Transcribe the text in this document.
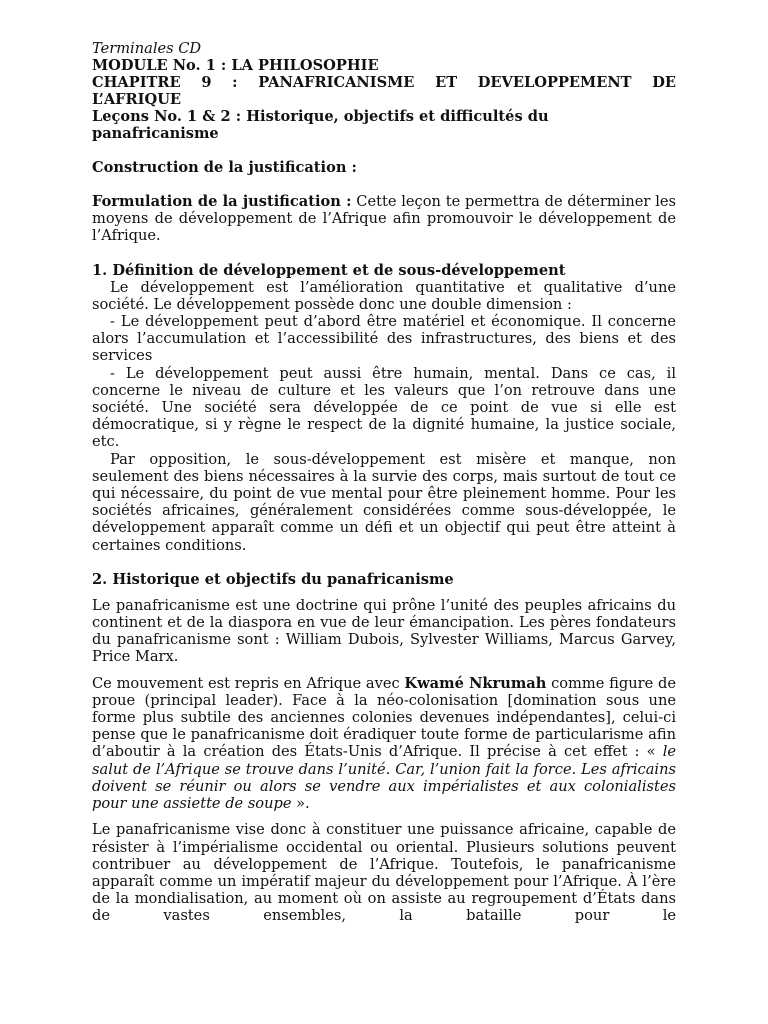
Terminales CD
MODULE No. 1 : LA PHILOSOPHIE
CHAPITRE 9 : PANAFRICANISME ET DEVELOPPEMENT DE L’AFRIQUE
Leçons No. 1 & 2 : Historique, objectifs et difficultés du panafricanisme
Construction de la justification :

Formulation de la justification : Cette leçon te permettra de déterminer les moyens de développement de l’Afrique afin promouvoir le développement de l’Afrique.

1. Définition de développement et de sous-développement

Le développement est l’amélioration quantitative et qualitative d’une société. Le développement possède donc une double dimension :

- Le développement peut d’abord être matériel et économique. Il concerne alors l’accumulation et l’accessibilité des infrastructures, des biens et des services

- Le développement peut aussi être humain, mental. Dans ce cas, il concerne le niveau de culture et les valeurs que l’on retrouve dans une société. Une société sera développée de ce point de vue si elle est démocratique, si y règne le respect de la dignité humaine, la justice sociale, etc.

Par opposition, le sous-développement est misère et manque, non seulement des biens nécessaires à la survie des corps, mais surtout de tout ce qui nécessaire, du point de vue mental pour être pleinement homme. Pour les sociétés africaines, généralement considérées comme sous-développée, le développement apparaît comme un défi et un objectif qui peut être atteint à certaines conditions.

2. Historique et objectifs du panafricanisme

Le panafricanisme est une doctrine qui prône l’unité des peuples africains du continent et de la diaspora en vue de leur émancipation. Les pères fondateurs du panafricanisme sont : William Dubois, Sylvester Williams, Marcus Garvey, Price Marx.

Ce mouvement est repris en Afrique avec Kwamé Nkrumah comme figure de proue (principal leader). Face à la néo-colonisation [domination sous une forme plus subtile des anciennes colonies devenues indépendantes], celui-ci pense que le panafricanisme doit éradiquer toute forme de particularisme afin d’aboutir à la création des États-Unis d’Afrique. Il précise à cet effet : « le salut de l’Afrique se trouve dans l’unité. Car, l’union fait la force. Les africains doivent se réunir ou alors se vendre aux impérialistes et aux colonialistes pour une assiette de soupe ».

Le panafricanisme vise donc à constituer une puissance africaine, capable de résister à l’impérialisme occidental ou oriental. Plusieurs solutions peuvent contribuer au développement de l’Afrique. Toutefois, le panafricanisme apparaît comme un impératif majeur du développement pour l’Afrique. À l’ère de la mondialisation, au moment où on assiste au regroupement d’États dans de vastes ensembles, la bataille pour le
